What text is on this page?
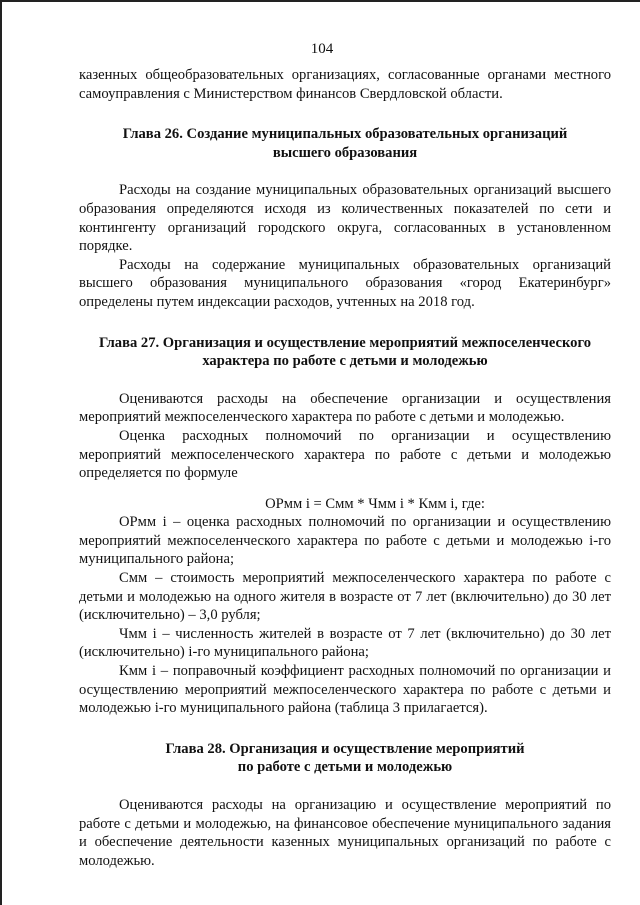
104

казенных общеобразовательных организациях, согласованные органами местного самоуправления с Министерством финансов Свердловской области.

Глава 26. Создание муниципальных образовательных организаций

высшего образования

Расходы на создание муниципальных образовательных организаций высшего образования определяются исходя из количественных показателей по сети и контингенту организаций городского округа, согласованных в установленном порядке.

Расходы на содержание муниципальных образовательных организаций высшего образования муниципального образования «город Екатеринбург» определены путем индексации расходов, учтенных на 2018 год.

Глава 27. Организация и осуществление мероприятий межпоселенческого

характера по работе с детьми и молодежью

Оцениваются расходы на обеспечение организации и осуществления мероприятий межпоселенческого характера по работе с детьми и молодежью.

Оценка расходных полномочий по организации и осуществлению мероприятий межпоселенческого характера по работе с детьми и молодежью определяется по формуле

ОРмм i = Смм * Чмм i * Кмм i, где:

ОРмм i – оценка расходных полномочий по организации и осуществлению мероприятий межпоселенческого характера по работе с детьми и молодежью i-го муниципального района;

Смм – стоимость мероприятий межпоселенческого характера по работе с детьми и молодежью на одного жителя в возрасте от 7 лет (включительно) до 30 лет (исключительно) – 3,0 рубля;

Чмм i – численность жителей в возрасте от 7 лет (включительно) до 30 лет (исключительно) i-го муниципального района;

Кмм i – поправочный коэффициент расходных полномочий по организации и осуществлению мероприятий межпоселенческого характера по работе с детьми и молодежью i-го муниципального района (таблица 3 прилагается).

Глава 28. Организация и осуществление мероприятий

по работе с детьми и молодежью

Оцениваются расходы на организацию и осуществление мероприятий по работе с детьми и молодежью, на финансовое обеспечение муниципального задания и обеспечение деятельности казенных муниципальных организаций по работе с молодежью.
